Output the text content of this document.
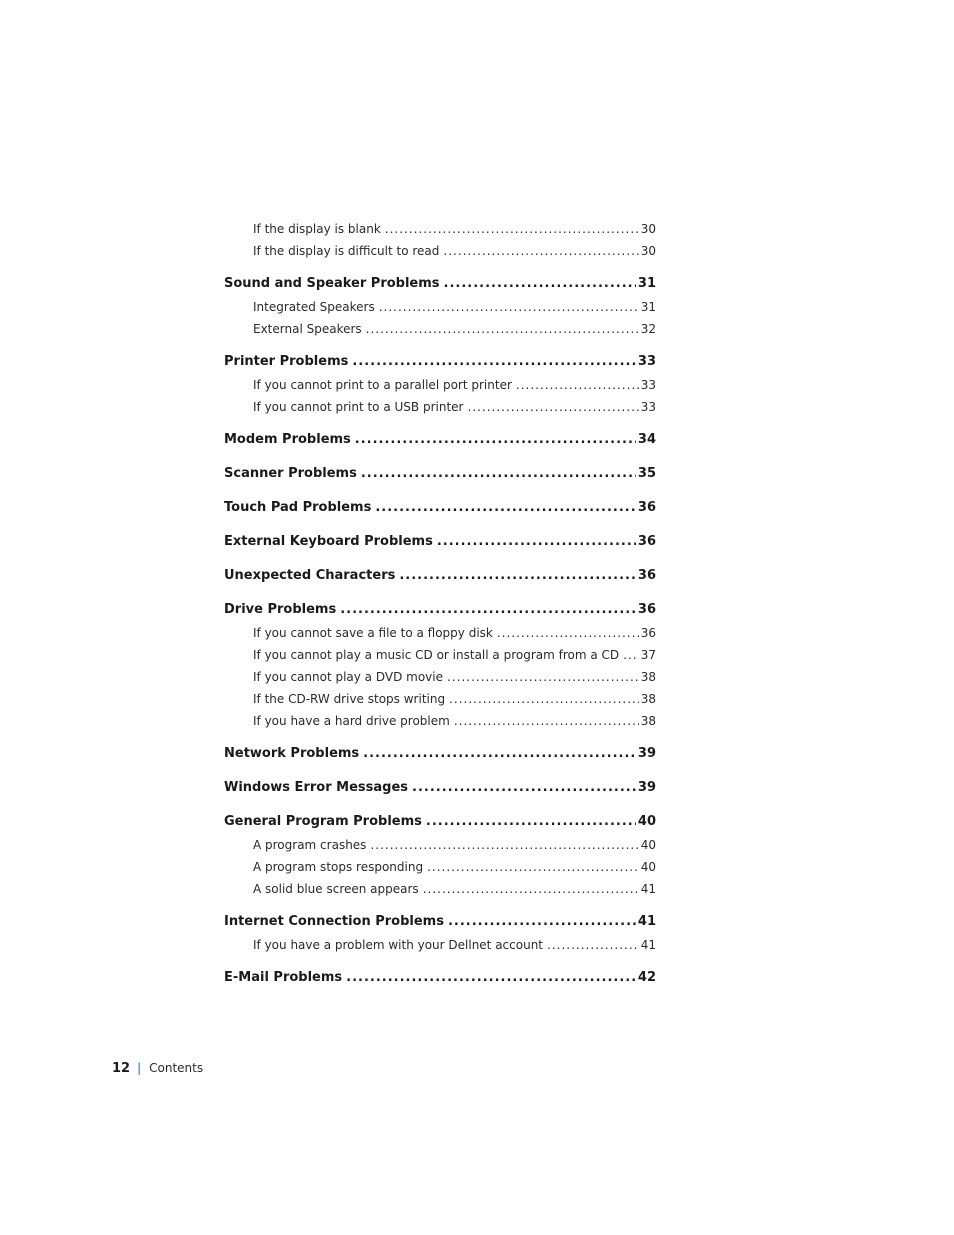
If the display is blank .....	30
If the display is difficult to read .....	30
Sound and Speaker Problems .....	31
Integrated Speakers .....	31
External Speakers .....	32
Printer Problems .....	33
If you cannot print to a parallel port printer .....	33
If you cannot print to a USB printer .....	33
Modem Problems .....	34
Scanner Problems .....	35
Touch Pad Problems .....	36
External Keyboard Problems .....	36
Unexpected Characters .....	36
Drive Problems .....	36
If you cannot save a file to a floppy disk .....	36
If you cannot play a music CD or install a program from a CD .....	37
If you cannot play a DVD movie .....	38
If the CD-RW drive stops writing .....	38
If you have a hard drive problem .....	38
Network Problems .....	39
Windows Error Messages .....	39
General Program Problems .....	40
A program crashes .....	40
A program stops responding .....	40
A solid blue screen appears .....	41
Internet Connection Problems .....	41
If you have a problem with your Dellnet account .....	41
E-Mail Problems .....	42
12 | Contents
